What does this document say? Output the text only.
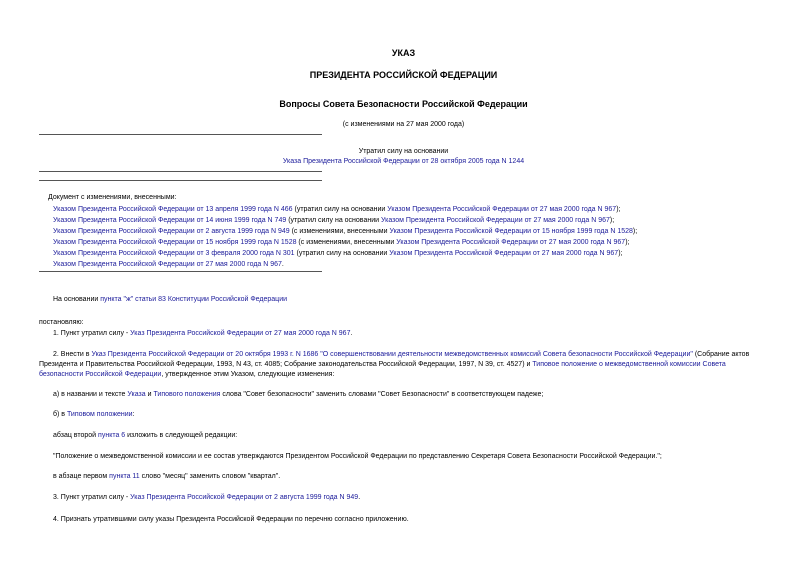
УКАЗ
ПРЕЗИДЕНТА РОССИЙСКОЙ ФЕДЕРАЦИИ
Вопросы Совета Безопасности Российской Федерации
(с изменениями на 27 мая 2000 года)
Утратил силу на основании
Указа Президента Российской Федерации от 28 октября 2005 года N 1244
Документ с изменениями, внесенными:
Указом Президента Российской Федерации от 13 апреля 1999 года N 466 (утратил силу на основании Указом Президента Российской Федерации от 27 мая 2000 года N 967);
Указом Президента Российской Федерации от 14 июня 1999 года N 749 (утратил силу на основании Указом Президента Российской Федерации от 27 мая 2000 года N 967);
Указом Президента Российской Федерации от 2 августа 1999 года N 949 (с изменениями, внесенными Указом Президента Российской Федерации от 15 ноября 1999 года N 1528);
Указом Президента Российской Федерации от 15 ноября 1999 года N 1528 (с изменениями, внесенными Указом Президента Российской Федерации от 27 мая 2000 года N 967);
Указом Президента Российской Федерации от 3 февраля 2000 года N 301 (утратил силу на основании Указом Президента Российской Федерации от 27 мая 2000 года N 967);
Указом Президента Российской Федерации от 27 мая 2000 года N 967.
На основании пункта "ж" статьи 83 Конституции Российской Федерации
постановляю:
1. Пункт утратил силу - Указ Президента Российской Федерации от 27 мая 2000 года N 967.
2. Внести в Указ Президента Российской Федерации от 20 октября 1993 г. N 1686 "О совершенствовании деятельности межведомственных комиссий Совета безопасности Российской Федерации" (Собрание актов Президента и Правительства Российской Федерации, 1993, N 43, ст. 4085; Собрание законодательства Российской Федерации, 1997, N 39, ст. 4527) и Типовое положение о межведомственной комиссии Совета безопасности Российской Федерации, утвержденное этим Указом, следующие изменения:
а) в названии и тексте Указа и Типового положения слова "Совет безопасности" заменить словами "Совет Безопасности" в соответствующем падеже;
б) в Типовом положении:
абзац второй пункта 6 изложить в следующей редакции:
"Положение о межведомственной комиссии и ее состав утверждаются Президентом Российской Федерации по представлению Секретаря Совета Безопасности Российской Федерации.";
в абзаце первом пункта 11 слово "месяц" заменить словом "квартал".
3. Пункт утратил силу - Указ Президента Российской Федерации от 2 августа 1999 года N 949.
4. Признать утратившими силу указы Президента Российской Федерации по перечню согласно приложению.
